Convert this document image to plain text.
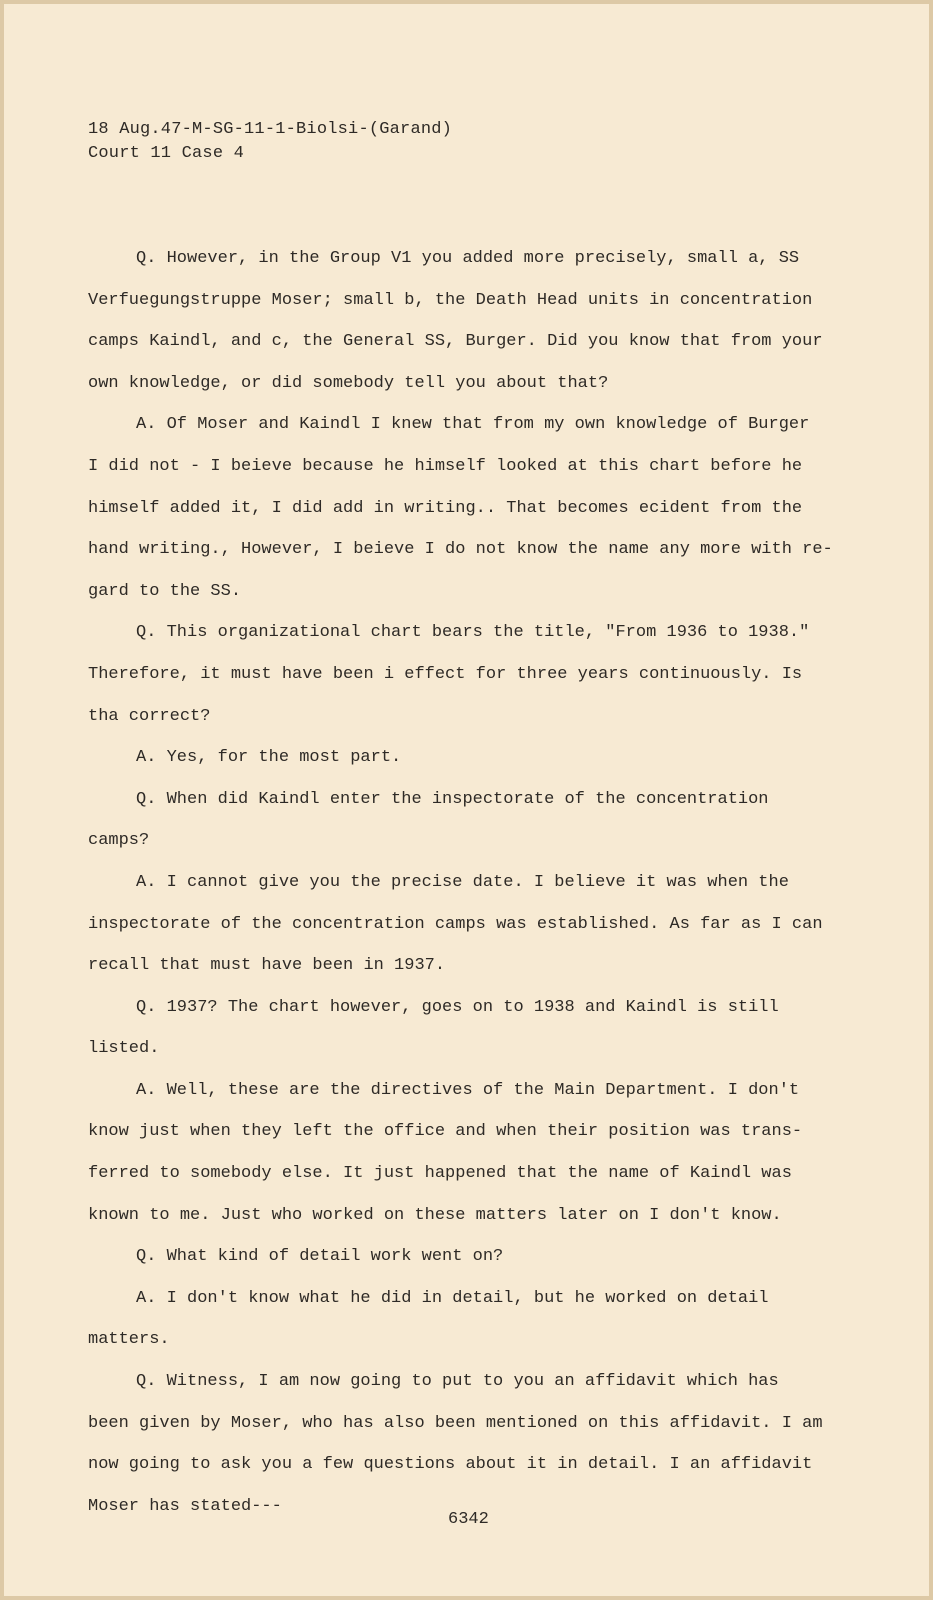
18 Aug.47-M-SG-11-1-Biolsi-(Garand)
Court 11 Case 4
Q. However, in the Group V1 you added more precisely, small a, SS
Verfuegungstruppe Moser; small b, the Death Head units in concentration
camps Kaindl, and c, the General SS, Burger. Did you know that from your
own knowledge, or did somebody tell you about that?
A. Of Moser and Kaindl I knew that from my own knowledge of Burger
I did not - I beieve because he himself looked at this chart before he
himself added it, I did add in writing.. That becomes ecident from the
hand writing., However, I beieve I do not know the name any more with re-
gard to the SS.
Q. This organizational chart bears the title, "From 1936 to 1938."
Therefore, it must have been i effect for three years continuously. Is
tha correct?
A. Yes, for the most part.
Q. When did Kaindl enter the inspectorate of the concentration
camps?
A. I cannot give you the precise date. I believe it was when the
inspectorate of the concentration camps was established. As far as I can
recall that must have been in 1937.
Q. 1937? The chart however, goes on to 1938 and Kaindl is still
listed.
A. Well, these are the directives of the Main Department. I don't
know just when they left the office and when their position was trans-
ferred to somebody else. It just happened that the name of Kaindl was
known to me. Just who worked on these matters later on I don't know.
Q. What kind of detail work went on?
A. I don't know what he did in detail, but he worked on detail
matters.
Q. Witness, I am now going to put to you an affidavit which has
been given by Moser, who has also been mentioned on this affidavit. I am
now going to ask you a few questions about it in detail. I an affidavit
Moser has stated---
6342
